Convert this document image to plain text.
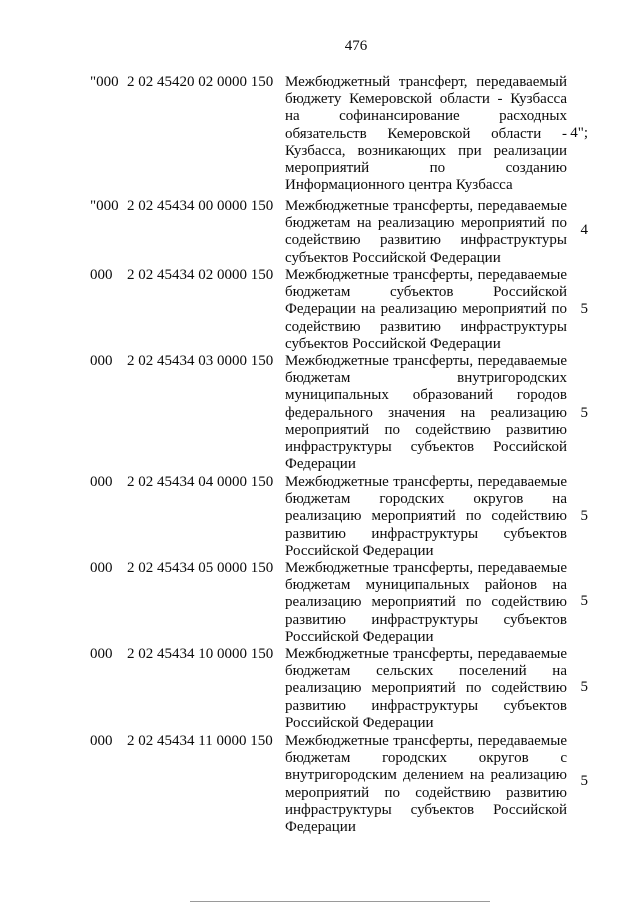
476
"000 2 02 45420 02 0000 150 Межбюджетный трансферт, передаваемый бюджету Кемеровской области - Кузбасса на софинансирование расходных обязательств Кемеровской области - Кузбасса, возникающих при реализации мероприятий по созданию Информационного центра Кузбасса
4";
"000 2 02 45434 00 0000 150 Межбюджетные трансферты, передаваемые бюджетам на реализацию мероприятий по содействию развитию инфраструктуры субъектов Российской Федерации
4
000 2 02 45434 02 0000 150 Межбюджетные трансферты, передаваемые бюджетам субъектов Российской Федерации на реализацию мероприятий по содействию развитию инфраструктуры субъектов Российской Федерации
5
000 2 02 45434 03 0000 150 Межбюджетные трансферты, передаваемые бюджетам внутригородских муниципальных образований городов федерального значения на реализацию мероприятий по содействию развитию инфраструктуры субъектов Российской Федерации
5
000 2 02 45434 04 0000 150 Межбюджетные трансферты, передаваемые бюджетам городских округов на реализацию мероприятий по содействию развитию инфраструктуры субъектов Российской Федерации
5
000 2 02 45434 05 0000 150 Межбюджетные трансферты, передаваемые бюджетам муниципальных районов на реализацию мероприятий по содействию развитию инфраструктуры субъектов Российской Федерации
5
000 2 02 45434 10 0000 150 Межбюджетные трансферты, передаваемые бюджетам сельских поселений на реализацию мероприятий по содействию развитию инфраструктуры субъектов Российской Федерации
5
000 2 02 45434 11 0000 150 Межбюджетные трансферты, передаваемые бюджетам городских округов с внутригородским делением на реализацию мероприятий по содействию развитию инфраструктуры субъектов Российской Федерации
5
